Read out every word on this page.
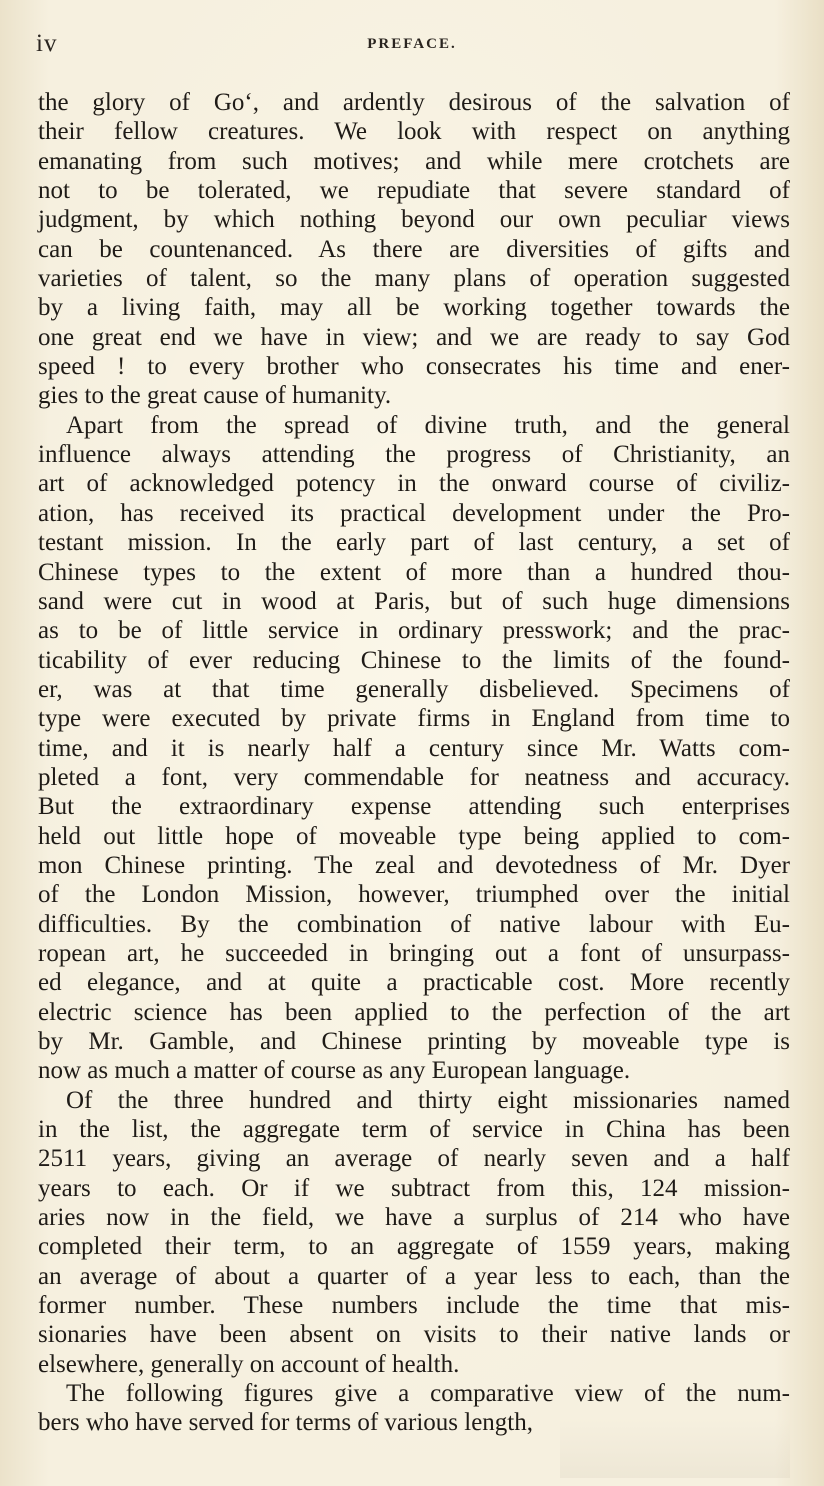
iv	PREFACE.
the glory of Go‘, and ardently desirous of the salvation of
their fellow creatures. We look with respect on anything
emanating from such motives; and while mere crotchets are
not to be tolerated, we repudiate that severe standard of
judgment, by which nothing beyond our own peculiar views
can be countenanced. As there are diversities of gifts and
varieties of talent, so the many plans of operation suggested
by a living faith, may all be working together towards the
one great end we have in view; and we are ready to say God
speed ! to every brother who consecrates his time and ener-
gies to the great cause of humanity.
Apart from the spread of divine truth, and the general
influence always attending the progress of Christianity, an
art of acknowledged potency in the onward course of civiliz-
ation, has received its practical development under the Pro-
testant mission. In the early part of last century, a set of
Chinese types to the extent of more than a hundred thou-
sand were cut in wood at Paris, but of such huge dimensions
as to be of little service in ordinary presswork; and the prac-
ticability of ever reducing Chinese to the limits of the found-
er, was at that time generally disbelieved. Specimens of
type were executed by private firms in England from time to
time, and it is nearly half a century since Mr. Watts com-
pleted a font, very commendable for neatness and accuracy.
But the extraordinary expense attending such enterprises
held out little hope of moveable type being applied to com-
mon Chinese printing. The zeal and devotedness of Mr. Dyer
of the London Mission, however, triumphed over the initial
difficulties. By the combination of native labour with Eu-
ropean art, he succeeded in bringing out a font of unsurpass-
ed elegance, and at quite a practicable cost. More recently
electric science has been applied to the perfection of the art
by Mr. Gamble, and Chinese printing by moveable type is
now as much a matter of course as any European language.
Of the three hundred and thirty eight missionaries named
in the list, the aggregate term of service in China has been
2511 years, giving an average of nearly seven and a half
years to each. Or if we subtract from this, 124 mission-
aries now in the field, we have a surplus of 214 who have
completed their term, to an aggregate of 1559 years, making
an average of about a quarter of a year less to each, than the
former number. These numbers include the time that mis-
sionaries have been absent on visits to their native lands or
elsewhere, generally on account of health.
The following figures give a comparative view of the num-
bers who have served for terms of various length,
